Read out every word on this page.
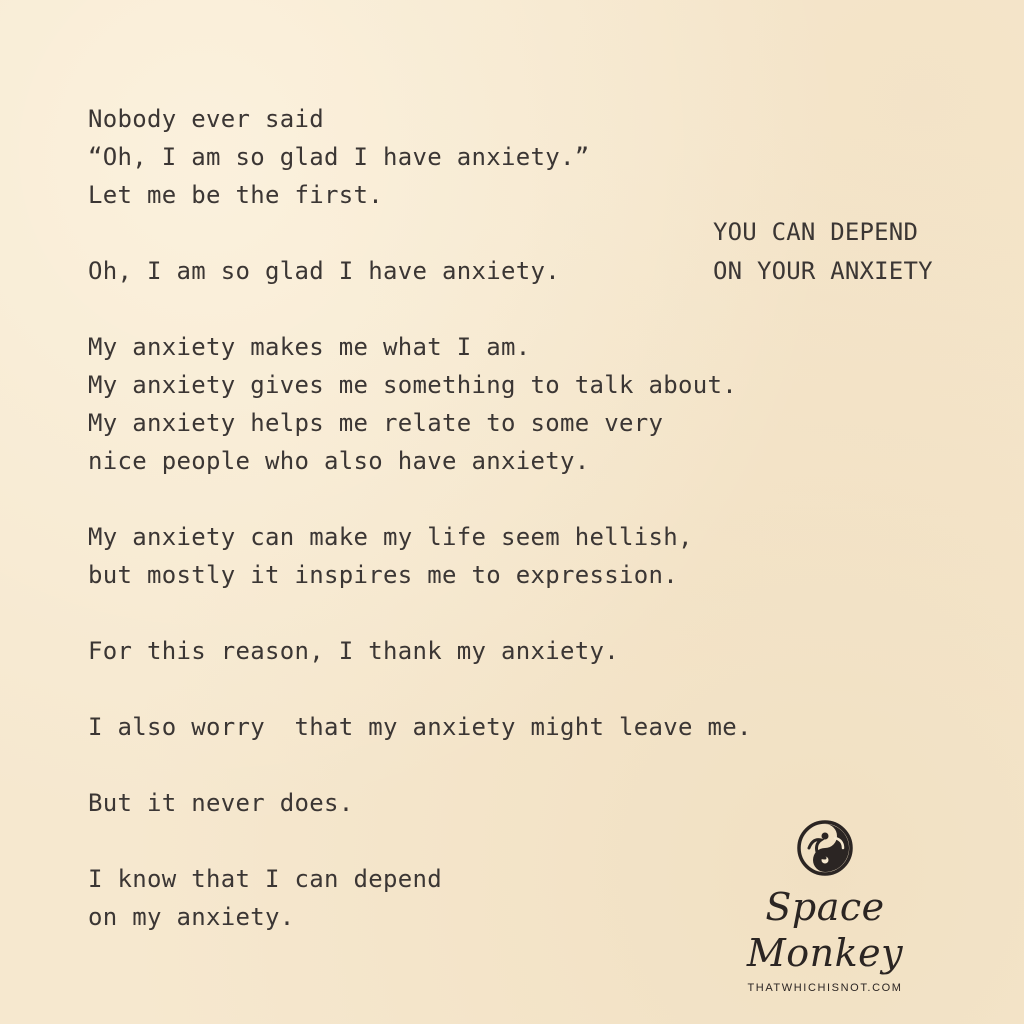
Nobody ever said
“Oh, I am so glad I have anxiety.”
Let me be the first.
Oh, I am so glad I have anxiety.
My anxiety makes me what I am.
My anxiety gives me something to talk about.
My anxiety helps me relate to some very
nice people who also have anxiety.
My anxiety can make my life seem hellish,
but mostly it inspires me to expression.
For this reason, I thank my anxiety.
I also worry  that my anxiety might leave me.
But it never does.
I know that I can depend
on my anxiety.
YOU CAN DEPEND
ON YOUR ANXIETY
Space Monkey
THATWHICHISNOT.COM
